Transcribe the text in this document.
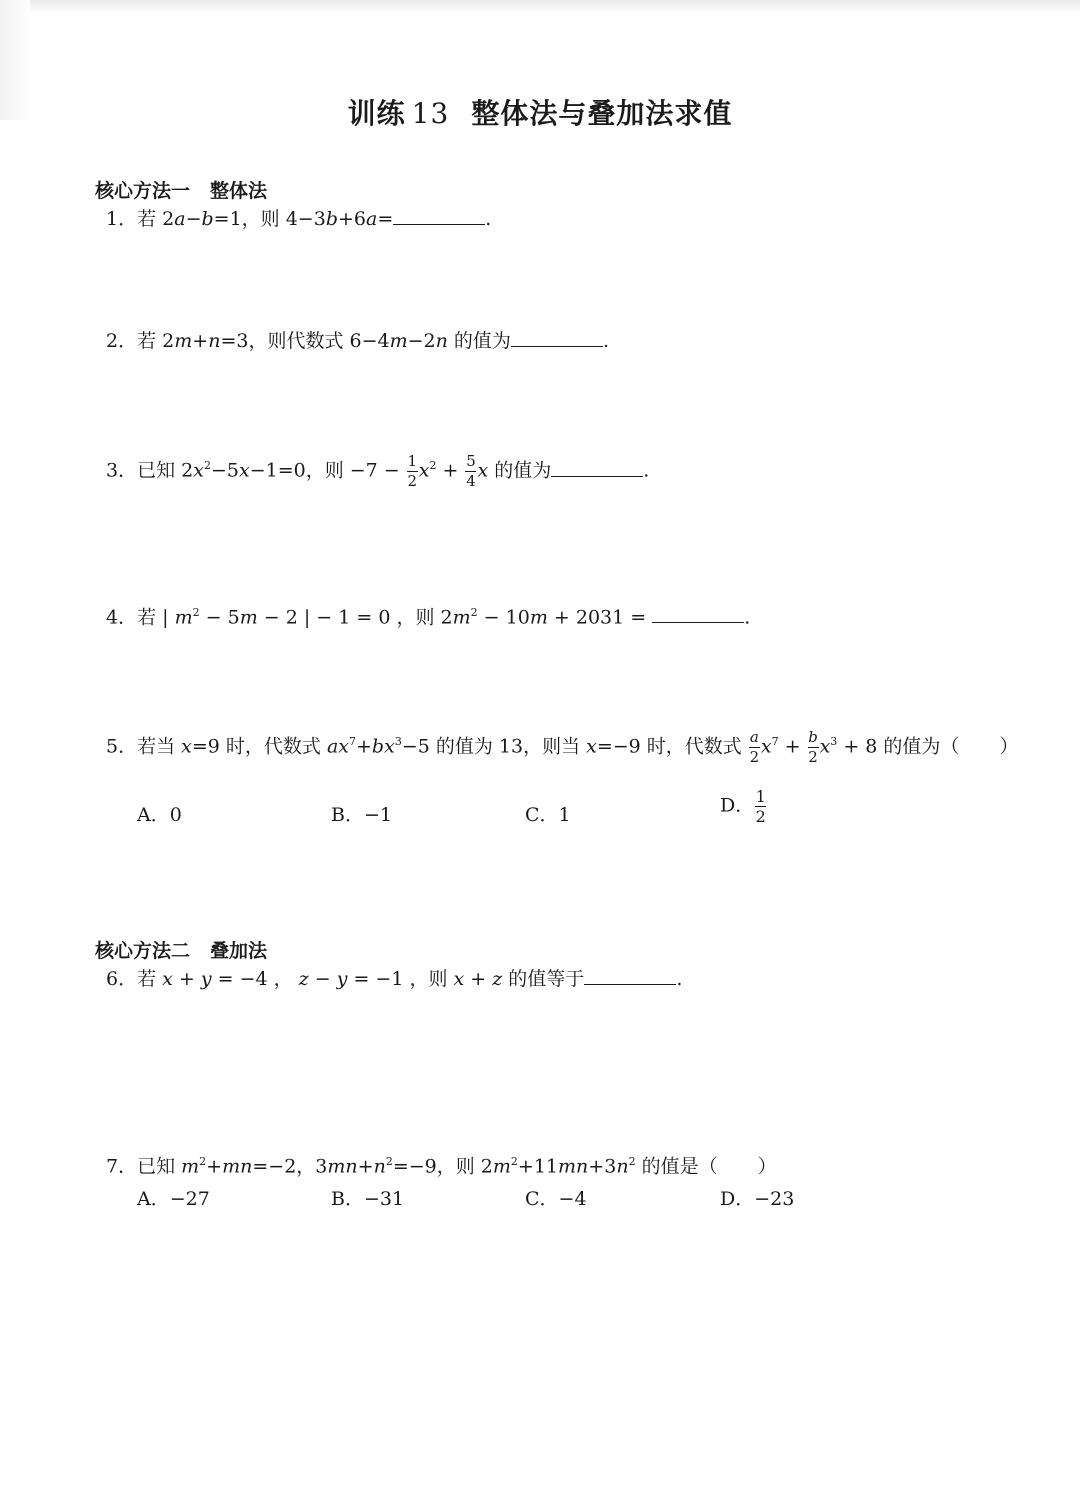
训练 13 整体法与叠加法求值
核心方法一 整体法
1．若 2a−b=1，则 4−3b+6a=	.
2．若 2m+n=3，则代数式 6−4m−2n 的值为	.
3．已知 $2x^2-5x-1=0$，则 $-7 - \frac{1}{2} x^2 + \frac{5}{4}$ x 的值为	.
4．若 | $m^2 - 5m - 2$ | − 1 = 0 ，则 $2m^2 - 10m + 2031$ =	.
5．若当 x=9 时，代数式 $ax^7+bx^3-5$ 的值为 13，则当 x=−9 时，代数式 $\frac{a}{2} x^7 + \frac{b}{2} x^3 + 8$ 的值为（ ）
A．0	B．−1	C．1	D． $\frac{1}{2}$
核心方法二 叠加法
6．若 x + y = −4 ， z − y = −1 ，则 x + z 的值等于	.
7．已知 $m^2+mn=-2$，$3mn+n^2=-9$，则 $2m^2+11mn+3n^2$ 的值是（ ）
A．−27	B．−31	C．−4	D．−23
